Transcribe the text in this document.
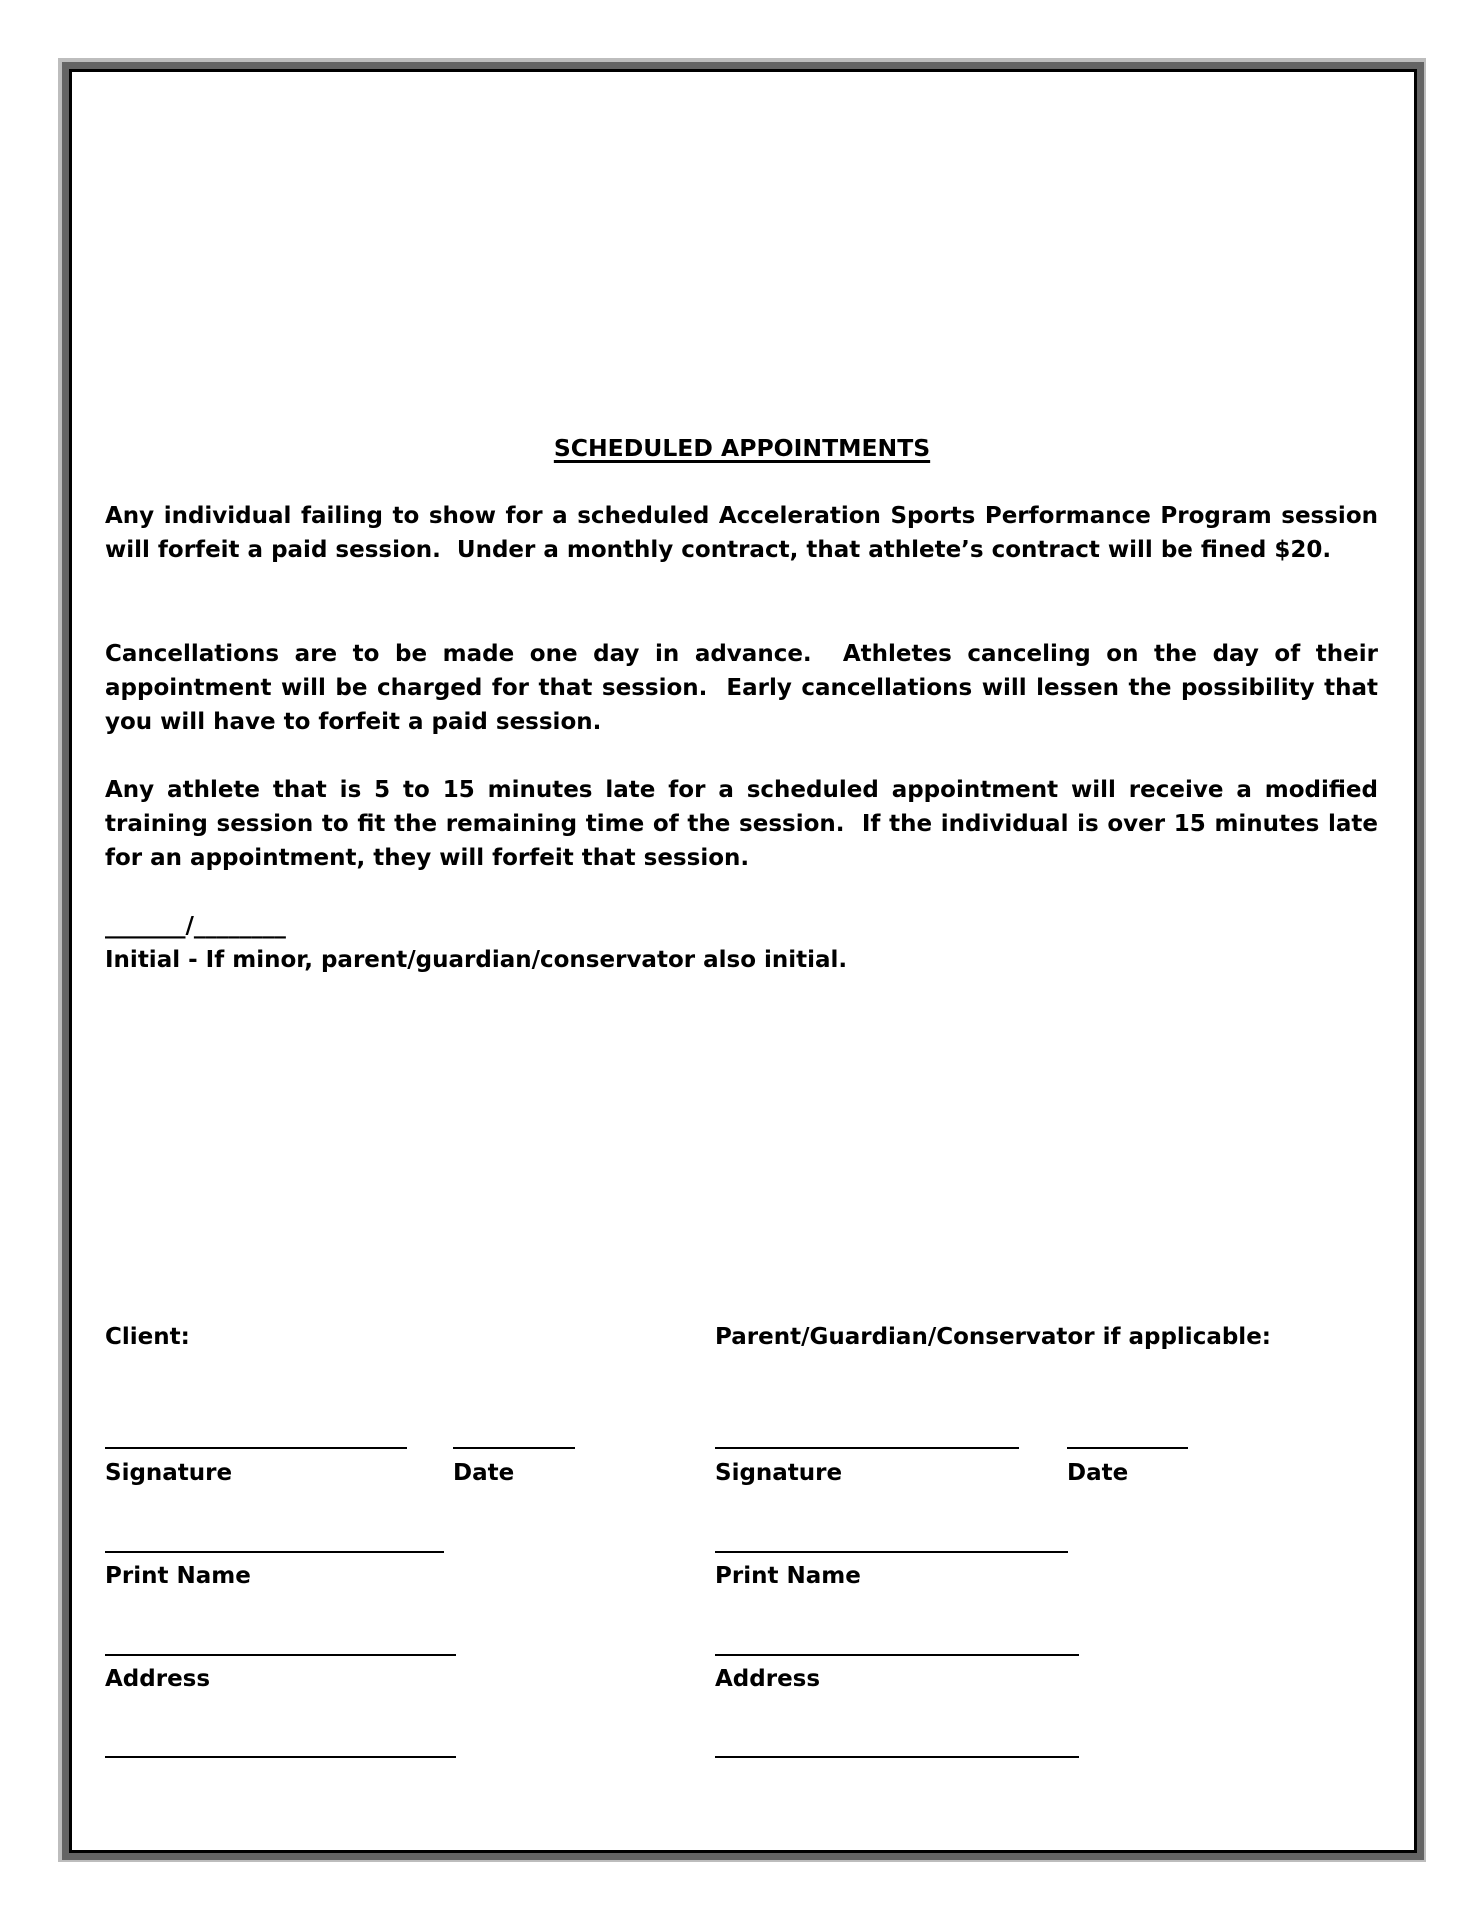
SCHEDULED APPOINTMENTS

Any individual failing to show for a scheduled Acceleration Sports Performance Program session will forfeit a paid session.  Under a monthly contract, that athlete’s contract will be fined $20.

Cancellations are to be made one day in advance.  Athletes canceling on the day of their appointment will be charged for that session.  Early cancellations will lessen the possibility that you will have to forfeit a paid session.

Any athlete that is 5 to 15 minutes late for a scheduled appointment will receive a modified training session to fit the remaining time of the session.  If the individual is over 15 minutes late for an appointment, they will forfeit that session.

_______/________
Initial - If minor, parent/guardian/conservator also initial.
Client:
Signature	Date
Print Name
Address
Parent/Guardian/Conservator if applicable:
Signature	Date
Print Name
Address
